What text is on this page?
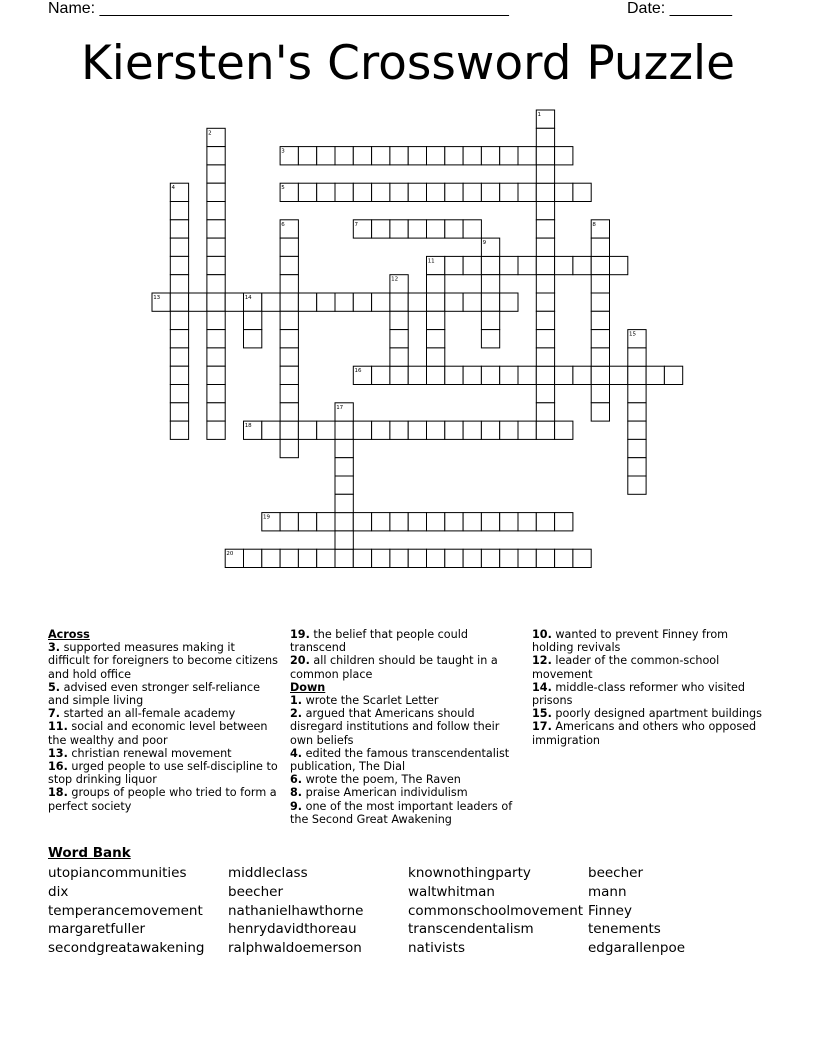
Name: ______________________________________________	Date: _______
Kiersten's Crossword Puzzle
3
5
7
11
13
16
18
19
20
1
2
4
6	8
9
12
14
15
17
Across
3. supported measures making it difficult for foreigners to become citizens and hold office
5. advised even stronger self-reliance and simple living
7. started an all-female academy
11. social and economic level between the wealthy and poor
13. christian renewal movement
16. urged people to use self-discipline to stop drinking liquor
18. groups of people who tried to form a perfect society
19. the belief that people could transcend
20. all children should be taught in a common place
Down
1. wrote the Scarlet Letter
2. argued that Americans should disregard institutions and follow their own beliefs
4. edited the famous transcendentalist publication, The Dial
6. wrote the poem, The Raven
8. praise American individulism
9. one of the most important leaders of the Second Great Awakening
10. wanted to prevent Finney from holding revivals
12. leader of the common-school movement
14. middle-class reformer who visited prisons
15. poorly designed apartment buildings
17. Americans and others who opposed immigration
Word Bank
utopiancommunities
dix
temperancemovement
margaretfuller
secondgreatawakening
middleclass
beecher
nathanielhawthorne
henrydavidthoreau
ralphwaldoemerson
knownothingparty
waltwhitman
commonschoolmovement
transcendentalism
nativists
beecher
mann
Finney
tenements
edgarallenpoe
